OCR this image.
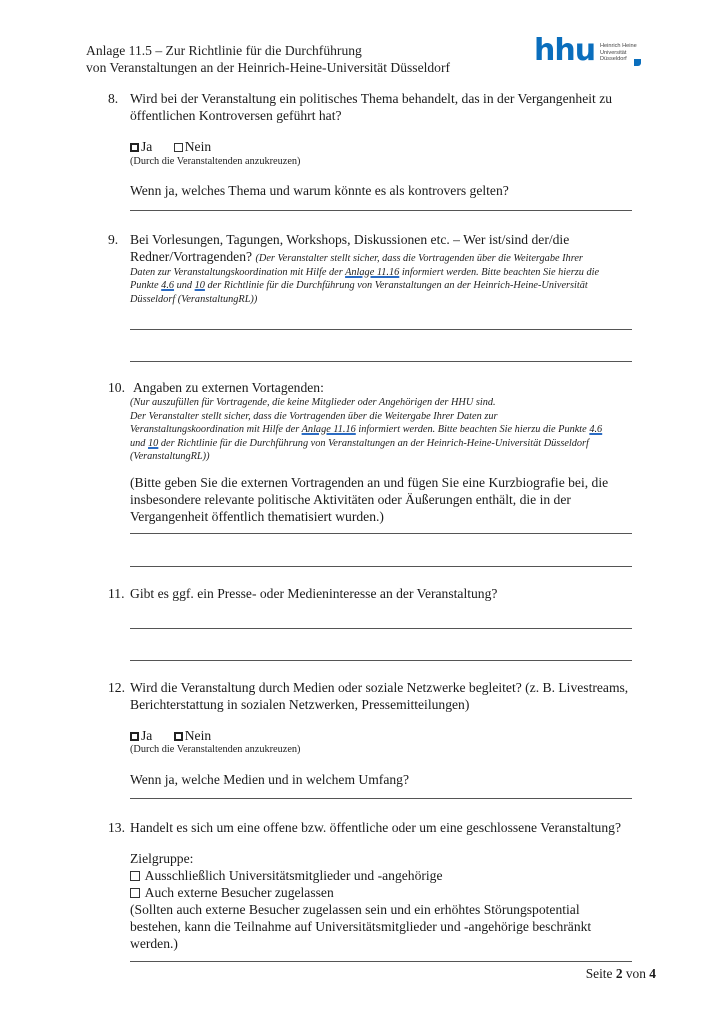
Anlage 11.5 – Zur Richtlinie für die Durchführung
von Veranstaltungen an der Heinrich-Heine-Universität Düsseldorf	hhu Heinrich Heine
Universität
Düsseldorf
8. Wird bei der Veranstaltung ein politisches Thema behandelt, das in der Vergangenheit zu
öffentlichen Kontroversen geführt hat?
Ja Nein
(Durch die Veranstaltenden anzukreuzen)
Wenn ja, welches Thema und warum könnte es als kontrovers gelten?
9. Bei Vorlesungen, Tagungen, Workshops, Diskussionen etc. – Wer ist/sind der/die
Redner/Vortragenden? (Der Veranstalter stellt sicher, dass die Vortragenden über die Weitergabe Ihrer
Daten zur Veranstaltungskoordination mit Hilfe der Anlage 11.16 informiert werden. Bitte beachten Sie hierzu die
Punkte 4.6 und 10 der Richtlinie für die Durchführung von Veranstaltungen an der Heinrich-Heine-Universität
Düsseldorf (VeranstaltungRL))
10. Angaben zu externen Vortagenden:
(Nur auszufüllen für Vortragende, die keine Mitglieder oder Angehörigen der HHU sind.
Der Veranstalter stellt sicher, dass die Vortragenden über die Weitergabe Ihrer Daten zur
Veranstaltungskoordination mit Hilfe der Anlage 11.16 informiert werden. Bitte beachten Sie hierzu die Punkte 4.6
und 10 der Richtlinie für die Durchführung von Veranstaltungen an der Heinrich-Heine-Universität Düsseldorf
(VeranstaltungRL))
(Bitte geben Sie die externen Vortragenden an und fügen Sie eine Kurzbiografie bei, die
insbesondere relevante politische Aktivitäten oder Äußerungen enthält, die in der
Vergangenheit öffentlich thematisiert wurden.)
11. Gibt es ggf. ein Presse- oder Medieninteresse an der Veranstaltung?
12. Wird die Veranstaltung durch Medien oder soziale Netzwerke begleitet? (z. B. Livestreams,
Berichterstattung in sozialen Netzwerken, Pressemitteilungen)
Ja Nein
(Durch die Veranstaltenden anzukreuzen)
Wenn ja, welche Medien und in welchem Umfang?
13. Handelt es sich um eine offene bzw. öffentliche oder um eine geschlossene Veranstaltung?
Zielgruppe:
Ausschließlich Universitätsmitglieder und -angehörige
Auch externe Besucher zugelassen
(Sollten auch externe Besucher zugelassen sein und ein erhöhtes Störungspotential
bestehen, kann die Teilnahme auf Universitätsmitglieder und -angehörige beschränkt
werden.)
Seite 2 von 4
